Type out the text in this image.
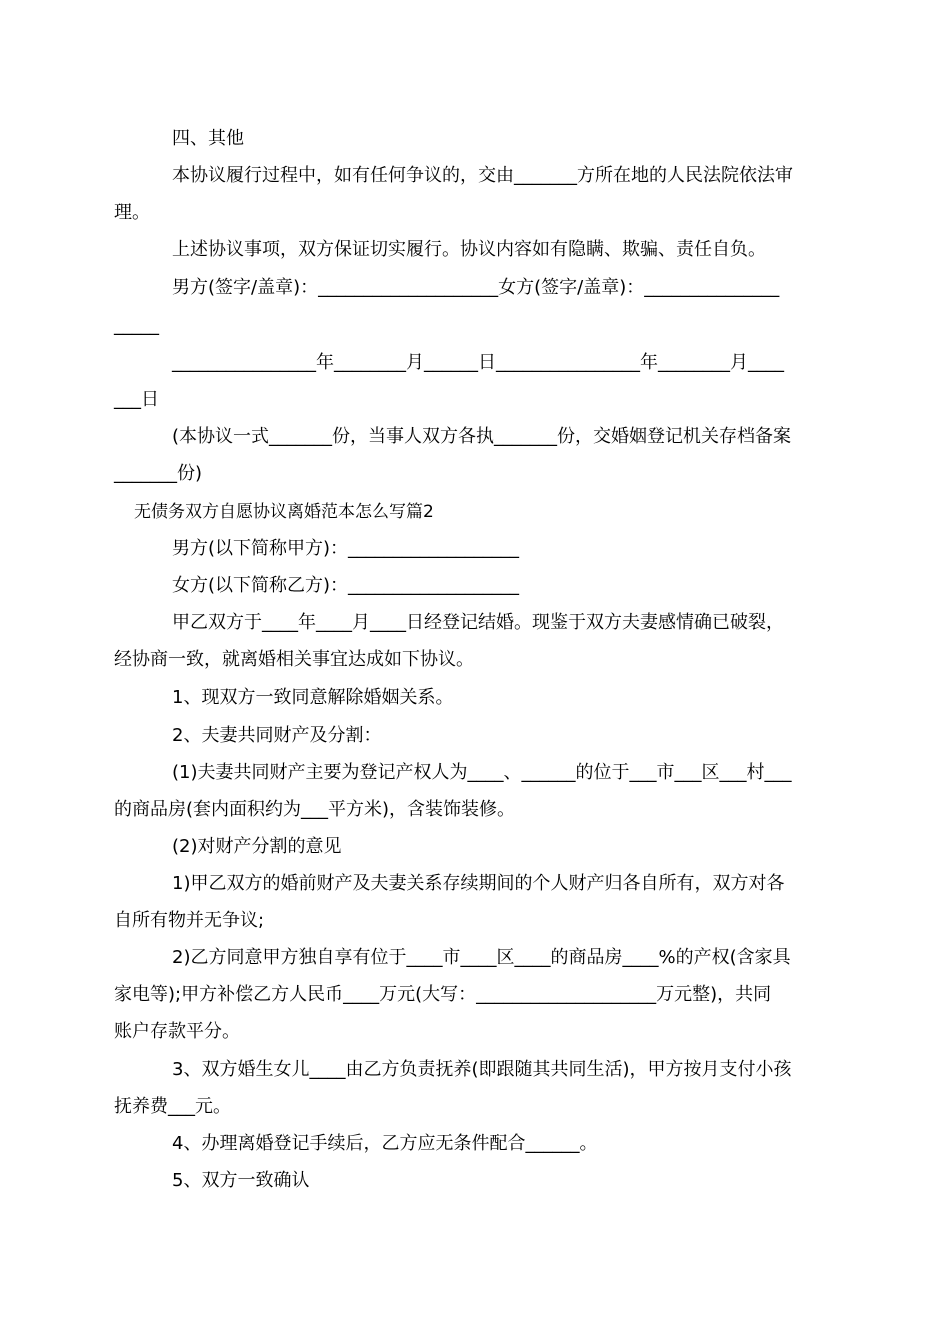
四、其他
本协议履行过程中，如有任何争议的，交由_______方所在地的人民法院依法审
理。
上述协议事项，双方保证切实履行。协议内容如有隐瞒、欺骗、责任自负。
男方(签字/盖章)：____________________女方(签字/盖章)：_______________
_____
________________年________月______日________________年________月____
___日
(本协议一式_______份，当事人双方各执_______份，交婚姻登记机关存档备案
_______份)
无债务双方自愿协议离婚范本怎么写篇2
男方(以下简称甲方)：___________________
女方(以下简称乙方)：___________________
甲乙双方于____年____月____日经登记结婚。现鉴于双方夫妻感情确已破裂，
经协商一致，就离婚相关事宜达成如下协议。
1、现双方一致同意解除婚姻关系。
2、夫妻共同财产及分割：
(1)夫妻共同财产主要为登记产权人为____、______的位于___市___区___村___
的商品房(套内面积约为___平方米)，含装饰装修。
(2)对财产分割的意见
1)甲乙双方的婚前财产及夫妻关系存续期间的个人财产归各自所有，双方对各
自所有物并无争议;
2)乙方同意甲方独自享有位于____市____区____的商品房____%的产权(含家具
家电等);甲方补偿乙方人民币____万元(大写：____________________万元整)，共同
账户存款平分。
3、双方婚生女儿____由乙方负责抚养(即跟随其共同生活)，甲方按月支付小孩
抚养费___元。
4、办理离婚登记手续后，乙方应无条件配合______。
5、双方一致确认
